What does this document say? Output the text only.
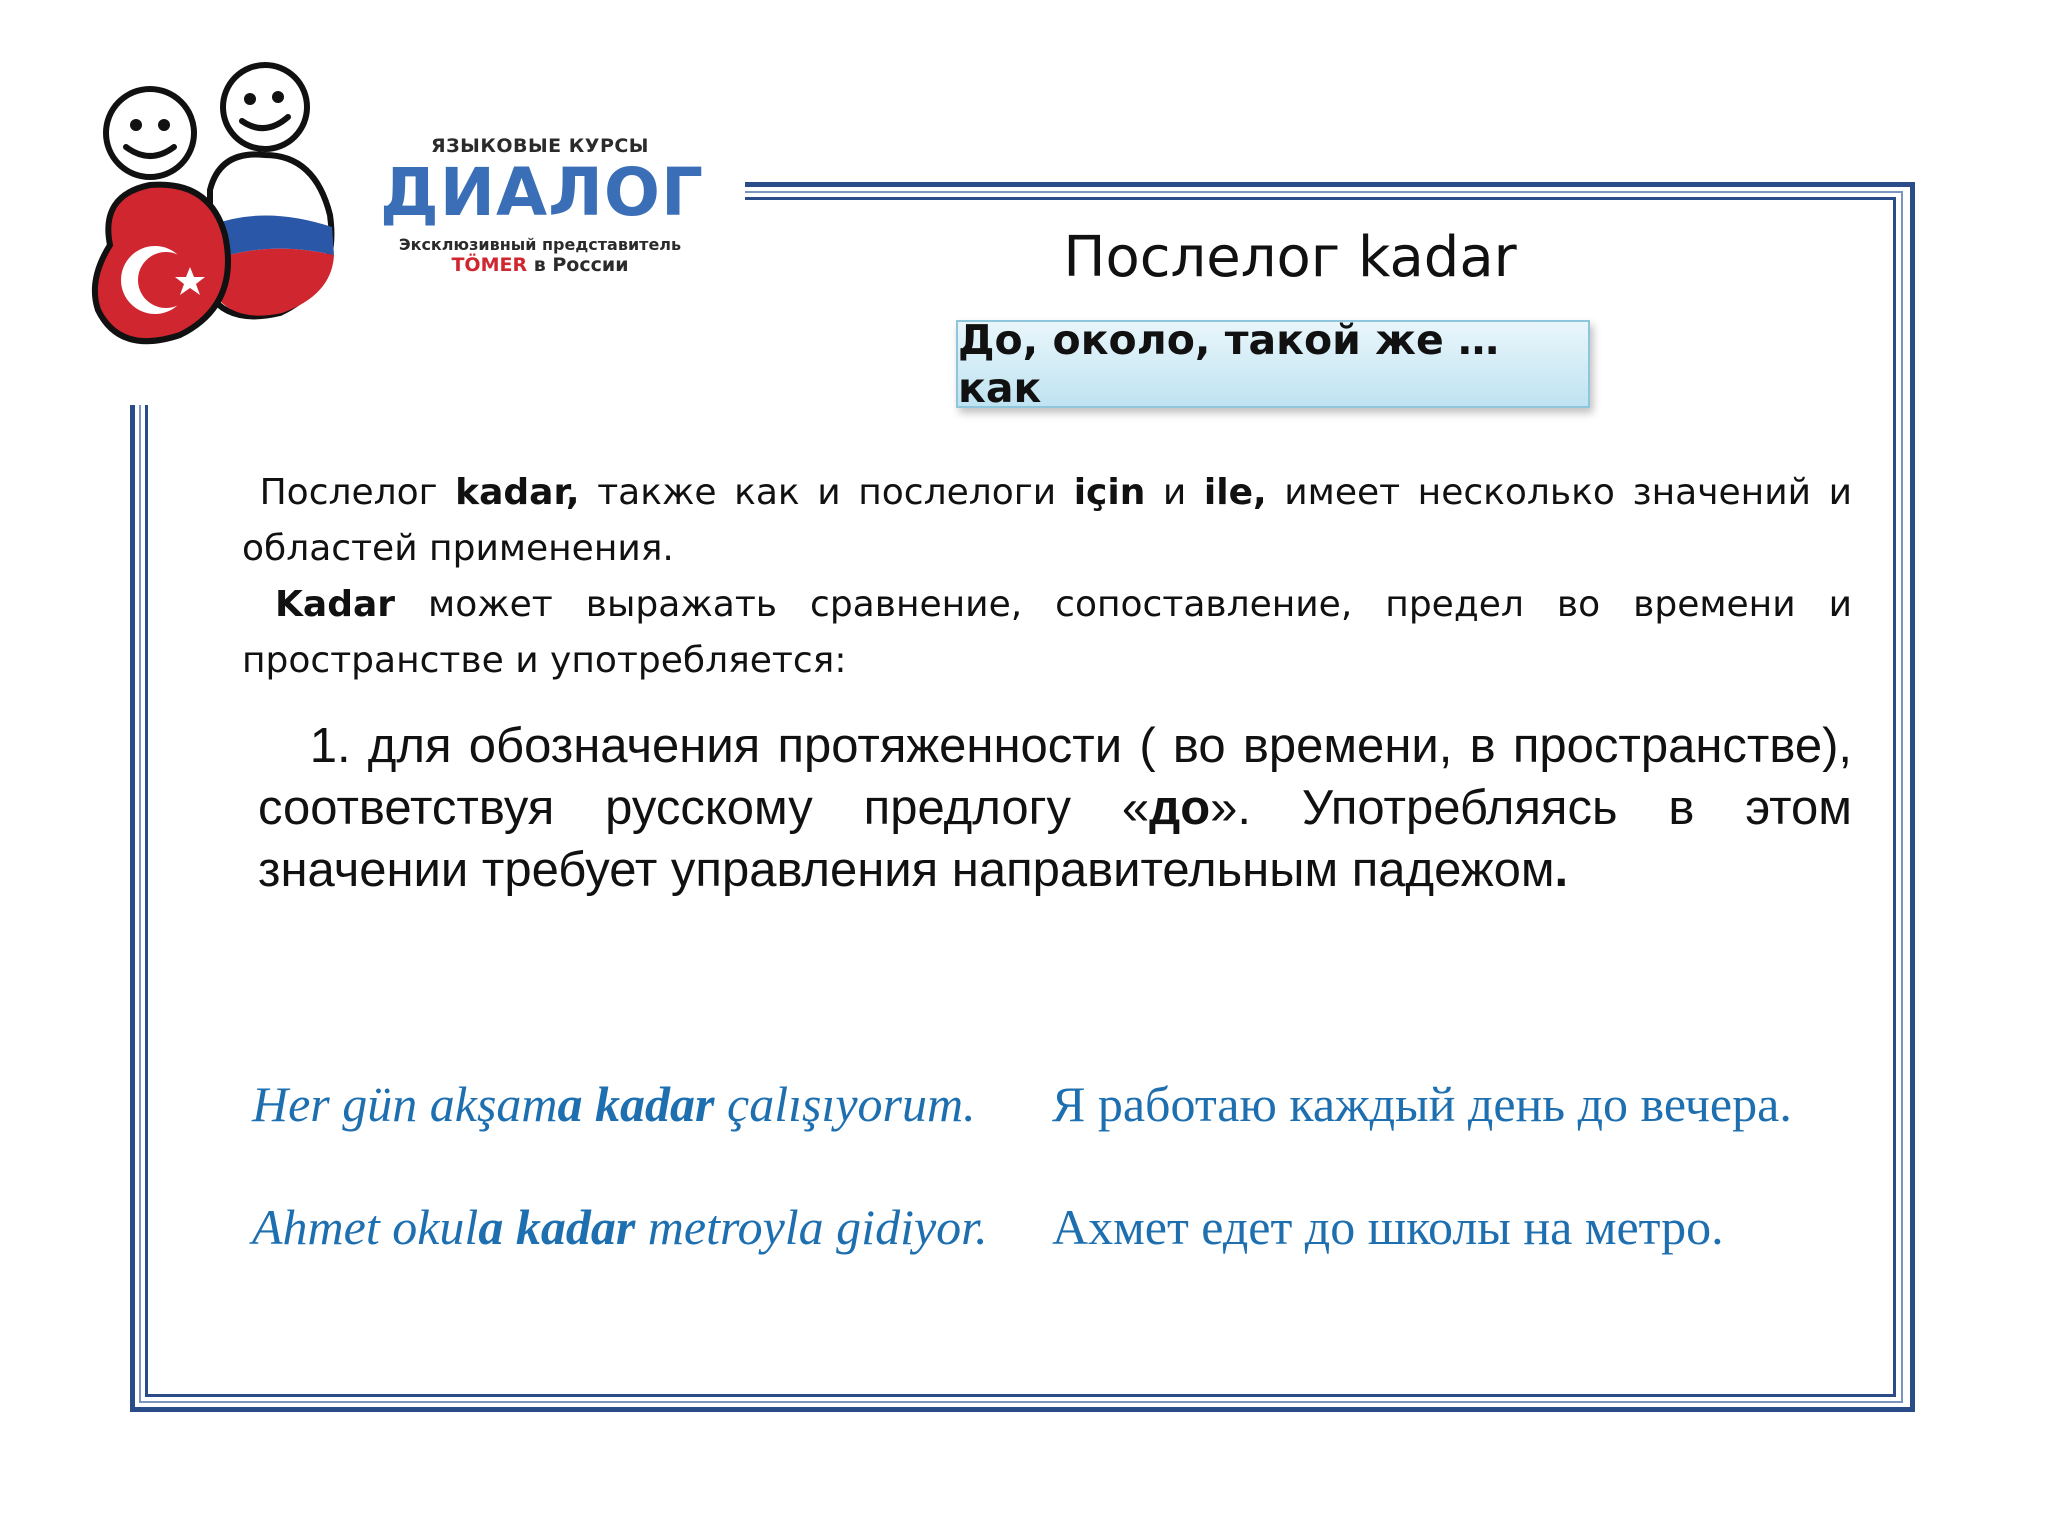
ЯЗЫКОВЫЕ КУРСЫ
ДИАЛОГ
Эксклюзивный представитель
TÖMER в России	Послелог kadar
До, около, такой же … как

Послелог kadar, также как и послелоги için и ile, имеет несколько значений и областей применения.

Kadar может выражать сравнение, сопоставление, предел во времени и пространстве и употребляется:

1. для обозначения протяженности ( во времени, в пространстве), соответствуя русскому предлогу «до». Употребляясь в этом значении требует управления направительным падежом.
Her gün akşama kadar çalışıyorum. Я работаю каждый день до вечера.
Ahmet okula kadar metroyla gidiyor. Ахмет едет до школы на метро.
